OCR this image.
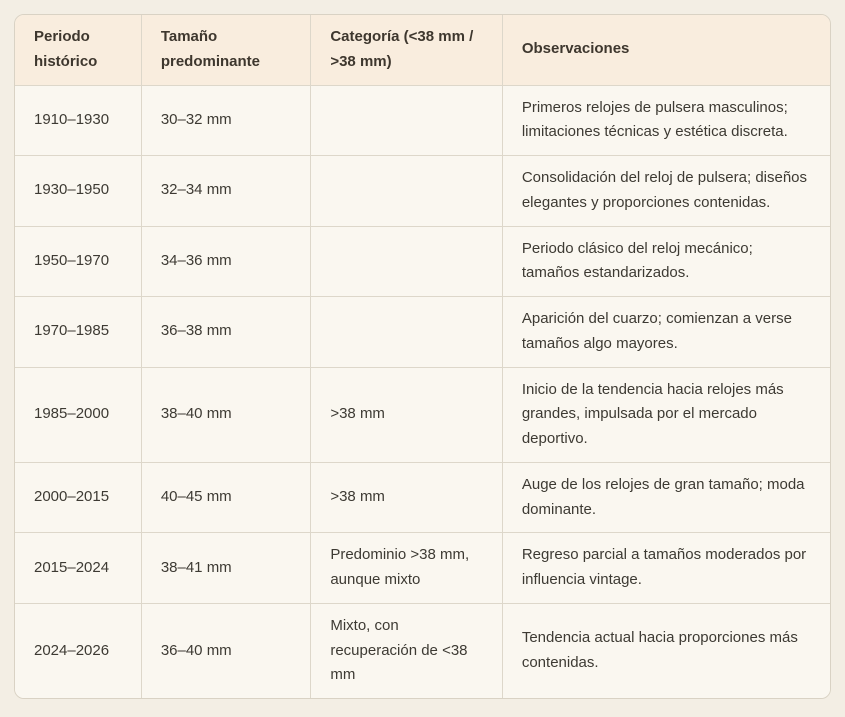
Periodo histórico	Tamaño predominante	Categoría (<38 mm / >38 mm)	Observaciones
1910–1930	30–32 mm		Primeros relojes de pulsera masculinos; limitaciones técnicas y estética discreta.
1930–1950	32–34 mm		Consolidación del reloj de pulsera; diseños elegantes y proporciones contenidas.
1950–1970	34–36 mm		Periodo clásico del reloj mecánico; tamaños estandarizados.
1970–1985	36–38 mm		Aparición del cuarzo; comienzan a verse tamaños algo mayores.
1985–2000	38–40 mm	>38 mm	Inicio de la tendencia hacia relojes más grandes, impulsada por el mercado deportivo.
2000–2015	40–45 mm	>38 mm	Auge de los relojes de gran tamaño; moda dominante.
2015–2024	38–41 mm	Predominio >38 mm, aunque mixto	Regreso parcial a tamaños moderados por influencia vintage.
2024–2026	36–40 mm	Mixto, con recuperación de <38 mm	Tendencia actual hacia proporciones más contenidas.
